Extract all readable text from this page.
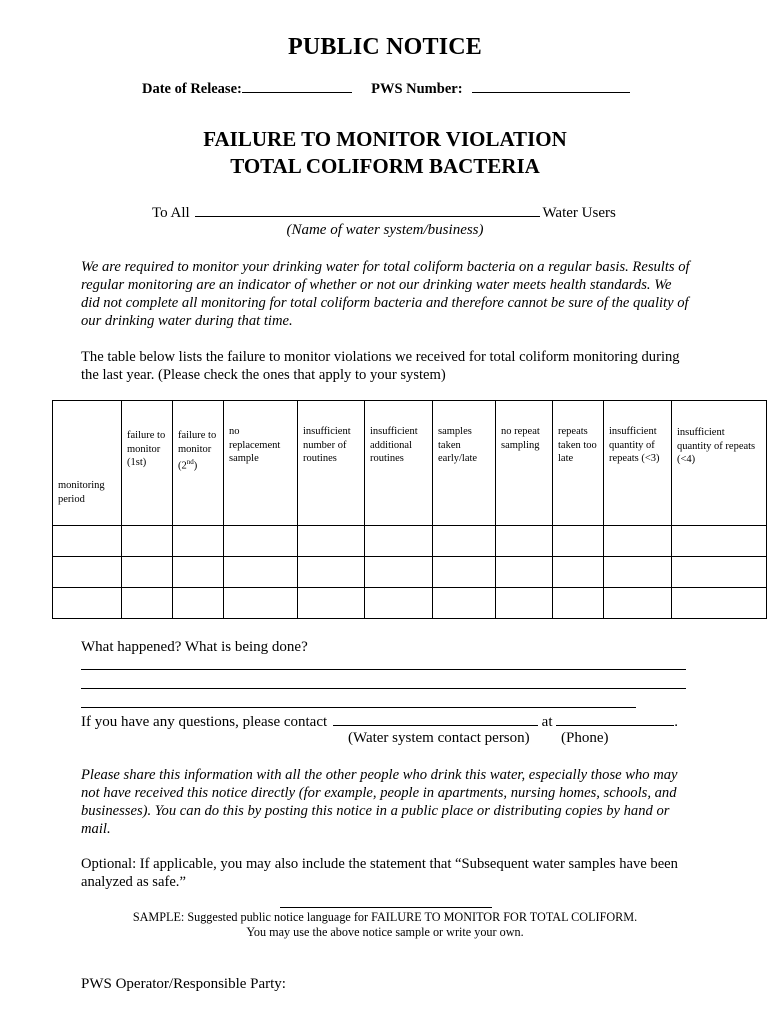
PUBLIC NOTICE
Date of Release:	PWS Number:
FAILURE TO MONITOR VIOLATION
TOTAL COLIFORM BACTERIA
To All	Water Users
(Name of water system/business)
We are required to monitor your drinking water for total coliform bacteria on a regular basis. Results of regular monitoring are an indicator of whether or not our drinking water meets health standards. We did not complete all monitoring for total coliform bacteria and therefore cannot be sure of the quality of our drinking water during that time.
The table below lists the failure to monitor violations we received for total coliform monitoring during the last year. (Please check the ones that apply to your system)
monitoring period	failure to monitor (1st)	failure to monitor (2nd)	no replacement sample	insufficient number of routines	insufficient additional routines	samples taken early/late	no repeat sampling	repeats taken too late	insufficient quantity of repeats (<3)	insufficient quantity of repeats (<4)

What happened? What is being done?
If you have any questions, please contact	at	.
(Water system contact person) (Phone)
Please share this information with all the other people who drink this water, especially those who may not have received this notice directly (for example, people in apartments, nursing homes, schools, and businesses). You can do this by posting this notice in a public place or distributing copies by hand or mail.
Optional: If applicable, you may also include the statement that “Subsequent water samples have been analyzed as safe.”
SAMPLE: Suggested public notice language for FAILURE TO MONITOR FOR TOTAL COLIFORM.
You may use the above notice sample or write your own.
PWS Operator/Responsible Party:
